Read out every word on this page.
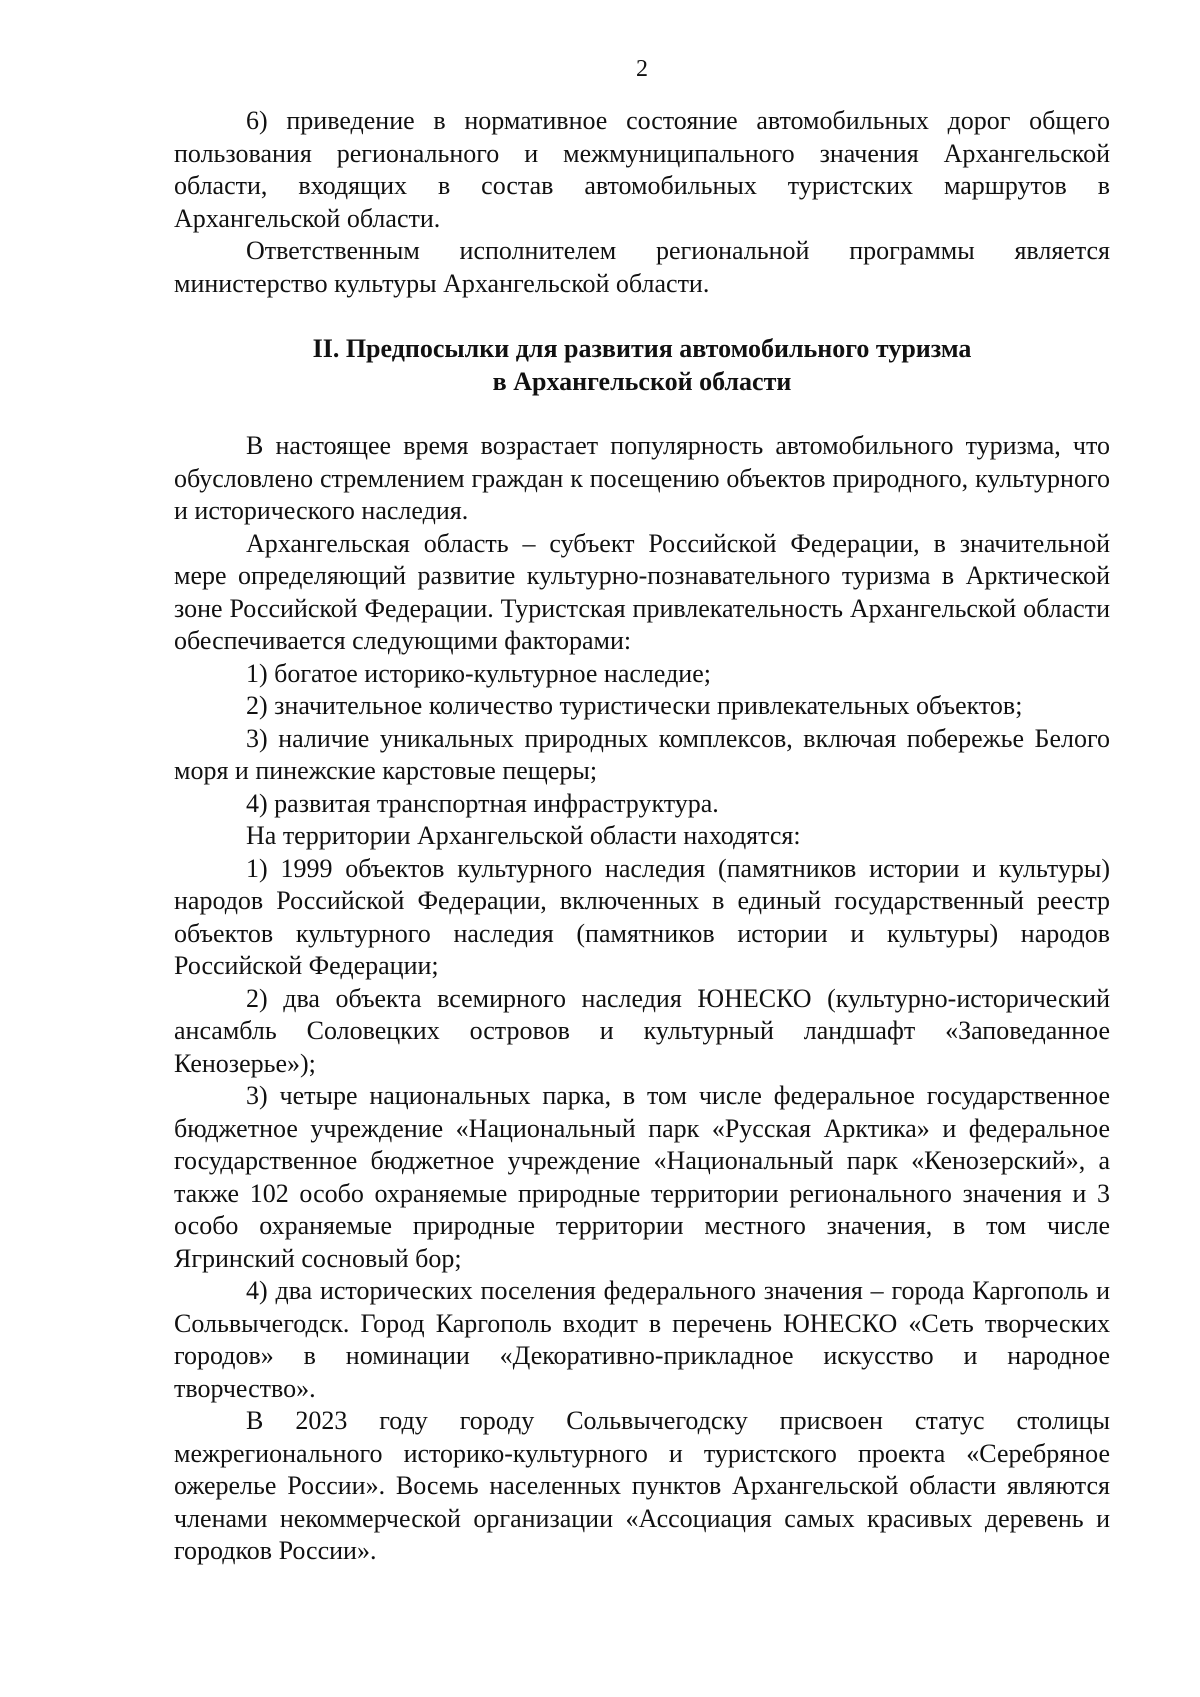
2

6) приведение в нормативное состояние автомобильных дорог общего пользования регионального и межмуниципального значения Архангельской области, входящих в состав автомобильных туристских маршрутов в Архангельской области.

Ответственным исполнителем региональной программы является министерство культуры Архангельской области.

II. Предпосылки для развития автомобильного туризма
в Архангельской области

В настоящее время возрастает популярность автомобильного туризма, что обусловлено стремлением граждан к посещению объектов природного, культурного и исторического наследия.

Архангельская область – субъект Российской Федерации, в значительной мере определяющий развитие культурно-познавательного туризма в Арктической зоне Российской Федерации. Туристская привлекательность Архангельской области обеспечивается следующими факторами:

1) богатое историко-культурное наследие;

2) значительное количество туристически привлекательных объектов;

3) наличие уникальных природных комплексов, включая побережье Белого моря и пинежские карстовые пещеры;

4) развитая транспортная инфраструктура.

На территории Архангельской области находятся:

1) 1999 объектов культурного наследия (памятников истории и культуры) народов Российской Федерации, включенных в единый государственный реестр объектов культурного наследия (памятников истории и культуры) народов Российской Федерации;

2) два объекта всемирного наследия ЮНЕСКО (культурно-исторический ансамбль Соловецких островов и культурный ландшафт «Заповеданное Кенозерье»);

3) четыре национальных парка, в том числе федеральное государственное бюджетное учреждение «Национальный парк «Русская Арктика» и федеральное государственное бюджетное учреждение «Национальный парк «Кенозерский», а также 102 особо охраняемые природные территории регионального значения и 3 особо охраняемые природные территории местного значения, в том числе Ягринский сосновый бор;

4) два исторических поселения федерального значения – города Каргополь и Сольвычегодск. Город Каргополь входит в перечень ЮНЕСКО «Сеть творческих городов» в номинации «Декоративно-прикладное искусство и народное творчество».

В 2023 году городу Сольвычегодску присвоен статус столицы межрегионального историко-культурного и туристского проекта «Серебряное ожерелье России». Восемь населенных пунктов Архангельской области являются членами некоммерческой организации «Ассоциация самых красивых деревень и городков России».
